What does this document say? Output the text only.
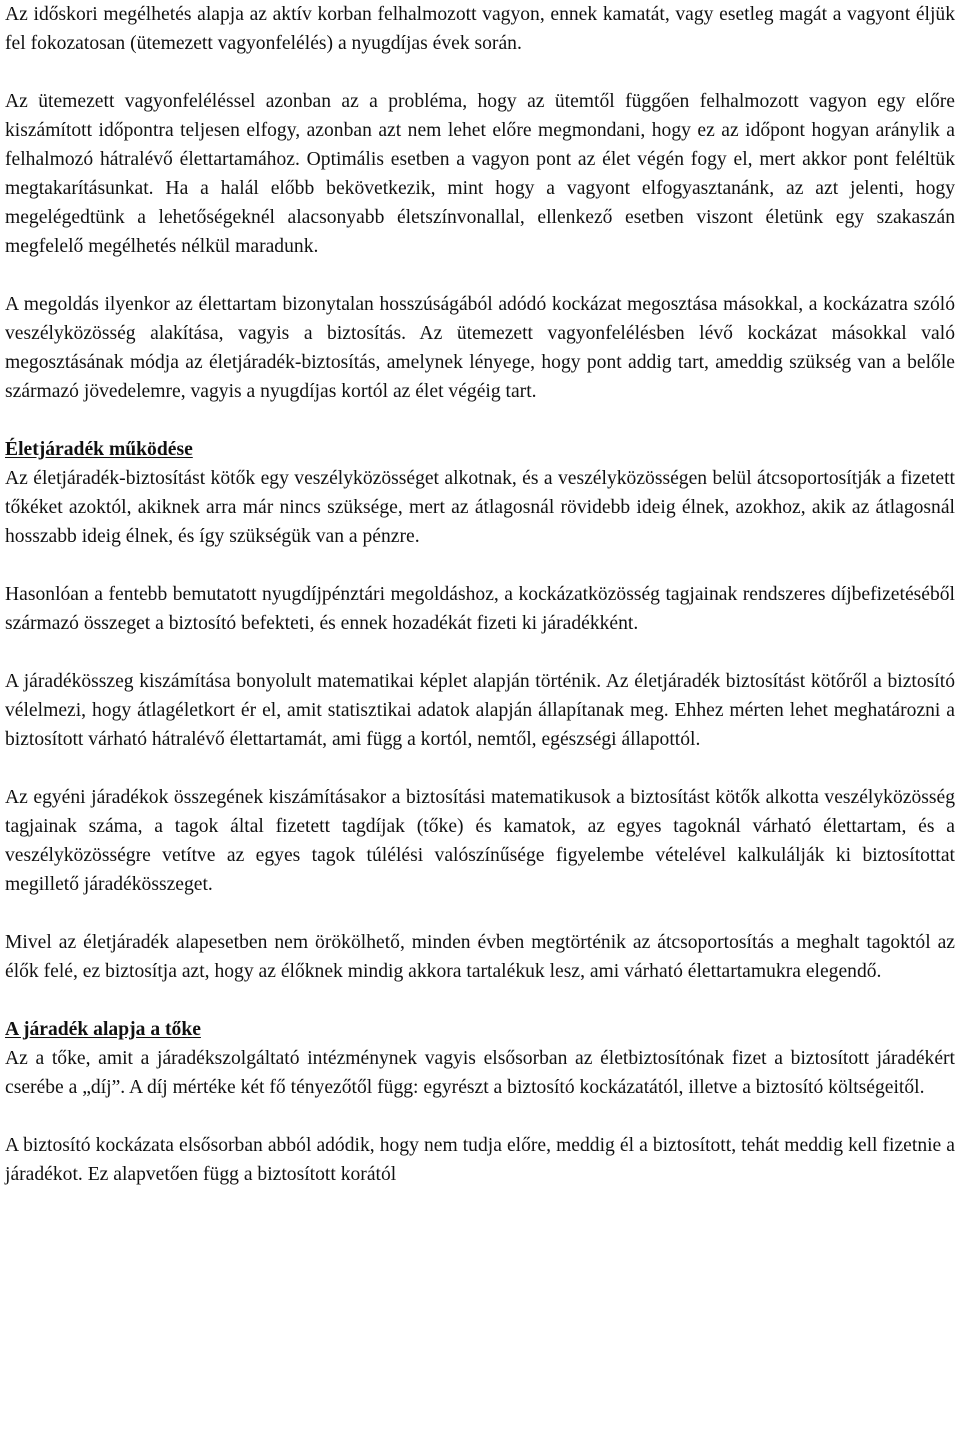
Az időskori megélhetés alapja az aktív korban felhalmozott vagyon, ennek kamatát, vagy esetleg magát a vagyont éljük fel fokozatosan (ütemezett vagyonfelélés) a nyugdíjas évek során.

Az ütemezett vagyonfeléléssel azonban az a probléma, hogy az ütemtől függően felhalmozott vagyon egy előre kiszámított időpontra teljesen elfogy, azonban azt nem lehet előre megmondani, hogy ez az időpont hogyan aránylik a felhalmozó hátralévő élettartamához. Optimális esetben a vagyon pont az élet végén fogy el, mert akkor pont feléltük megtakarításunkat. Ha a halál előbb bekövetkezik, mint hogy a vagyont elfogyasztanánk, az azt jelenti, hogy megelégedtünk a lehetőségeknél alacsonyabb életszínvonallal, ellenkező esetben viszont életünk egy szakaszán megfelelő megélhetés nélkül maradunk.

A megoldás ilyenkor az élettartam bizonytalan hosszúságából adódó kockázat megosztása másokkal, a kockázatra szóló veszélyközösség alakítása, vagyis a biztosítás. Az ütemezett vagyonfelélésben lévő kockázat másokkal való megosztásának módja az életjáradék-biztosítás, amelynek lényege, hogy pont addig tart, ameddig szükség van a belőle származó jövedelemre, vagyis a nyugdíjas kortól az élet végéig tart.

Életjáradék működése

Az életjáradék-biztosítást kötők egy veszélyközösséget alkotnak, és a veszélyközösségen belül átcsoportosítják a fizetett tőkéket azoktól, akiknek arra már nincs szüksége, mert az átlagosnál rövidebb ideig élnek, azokhoz, akik az átlagosnál hosszabb ideig élnek, és így szükségük van a pénzre.

Hasonlóan a fentebb bemutatott nyugdíjpénztári megoldáshoz, a kockázatközösség tagjainak rendszeres díjbefizetéséből származó összeget a biztosító befekteti, és ennek hozadékát fizeti ki járadékként.

A járadékösszeg kiszámítása bonyolult matematikai képlet alapján történik. Az életjáradék biztosítást kötőről a biztosító vélelmezi, hogy átlagéletkort ér el, amit statisztikai adatok alapján állapítanak meg. Ehhez mérten lehet meghatározni a biztosított várható hátralévő élettartamát, ami függ a kortól, nemtől, egészségi állapottól.

Az egyéni járadékok összegének kiszámításakor a biztosítási matematikusok a biztosítást kötők alkotta veszélyközösség tagjainak száma, a tagok által fizetett tagdíjak (tőke) és kamatok, az egyes tagoknál várható élettartam, és a veszélyközösségre vetítve az egyes tagok túlélési valószínűsége figyelembe vételével kalkulálják ki biztosítottat megillető járadékösszeget.

Mivel az életjáradék alapesetben nem örökölhető, minden évben megtörténik az átcsoportosítás a meghalt tagoktól az élők felé, ez biztosítja azt, hogy az élőknek mindig akkora tartalékuk lesz, ami várható élettartamukra elegendő.

A járadék alapja a tőke

Az a tőke, amit a járadékszolgáltató intézménynek vagyis elsősorban az életbiztosítónak fizet a biztosított járadékért cserébe a „díj”. A díj mértéke két fő tényezőtől függ: egyrészt a biztosító kockázatától, illetve a biztosító költségeitől.

A biztosító kockázata elsősorban abból adódik, hogy nem tudja előre, meddig él a biztosított, tehát meddig kell fizetnie a járadékot. Ez alapvetően függ a biztosított korától
